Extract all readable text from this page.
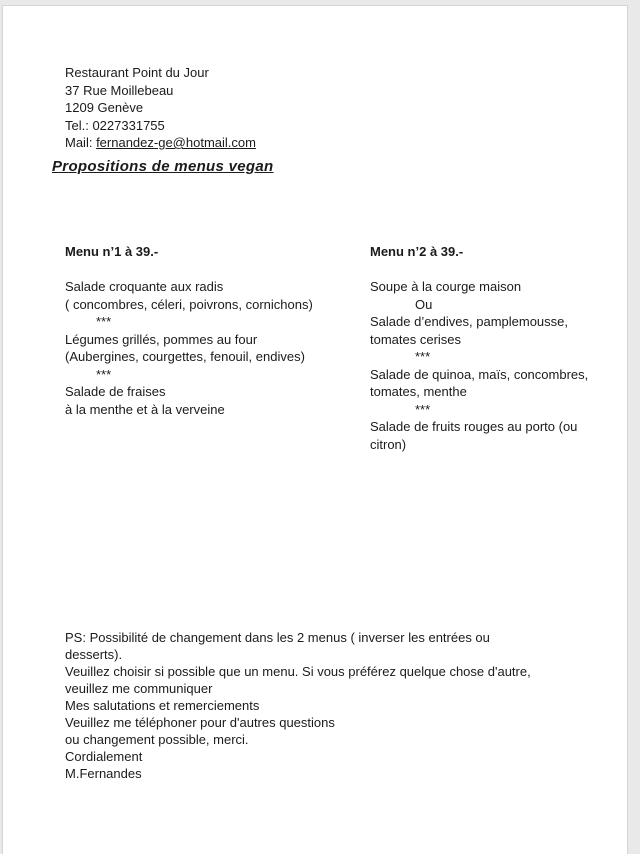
Restaurant Point du Jour
37 Rue Moillebeau
1209 Genève
Tel.: 0227331755
Mail: fernandez-ge@hotmail.com
Propositions de menus vegan
Menu n’1 à 39.-
Salade croquante aux radis
( concombres, céleri, poivrons, cornichons)
***
Légumes grillés, pommes au four
(Aubergines, courgettes, fenouil, endives)
***
Salade de fraises
à la menthe et à la verveine
Menu n’2 à 39.-
Soupe à la courge maison
Ou
Salade d’endives, pamplemousse,
tomates cerises
***
Salade de quinoa, maïs, concombres,
tomates, menthe
***
Salade de fruits rouges au porto (ou
citron)
PS: Possibilité de changement dans les 2 menus ( inverser les entrées ou
desserts).
Veuillez choisir si possible que un menu. Si vous préférez quelque chose d'autre,
veuillez me communiquer
Mes salutations et remerciements
Veuillez me téléphoner pour d'autres questions
ou changement possible, merci.
Cordialement
M.Fernandes
